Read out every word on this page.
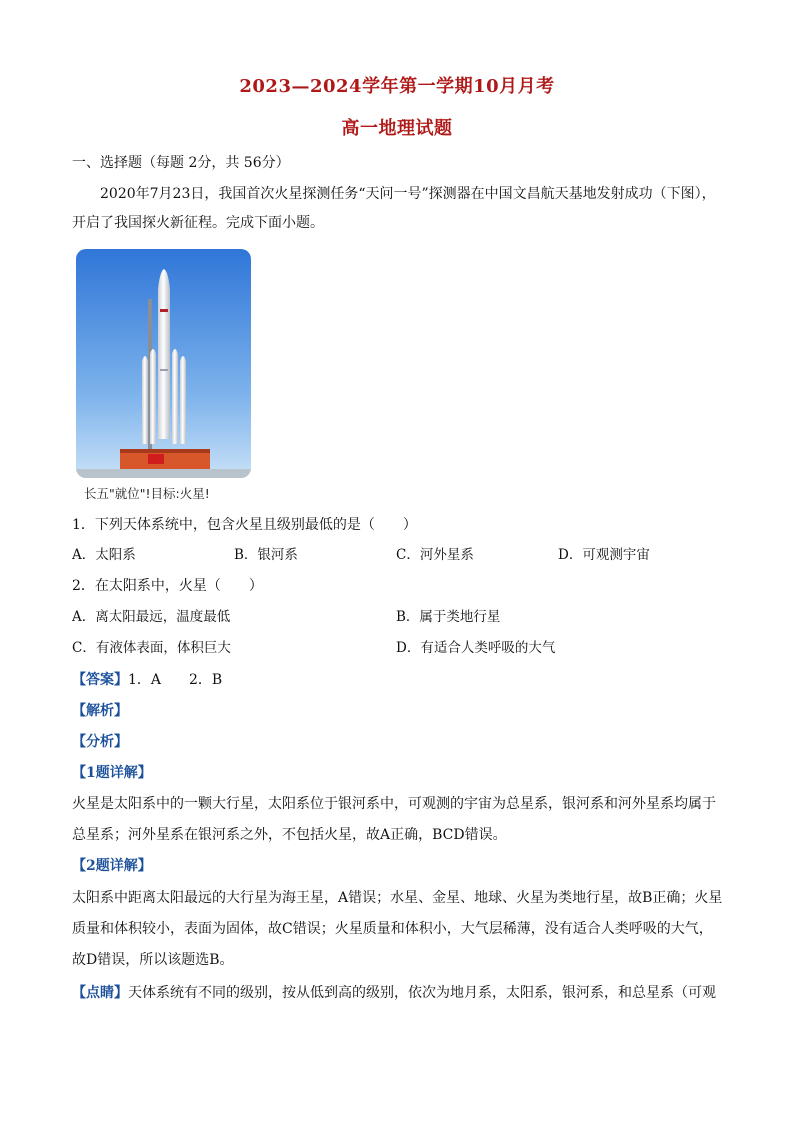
2023—2024学年第一学期10月月考
高一地理试题
一、选择题（每题 2分，共 56分）
2020年7月23日，我国首次火星探测任务“天问一号”探测器在中国文昌航天基地发射成功（下图），
开启了我国探火新征程。完成下面小题。
长五"就位"!目标:火星!
1．下列天体系统中，包含火星且级别最低的是（　　）
A．太阳系	B．银河系	C．河外星系	D．可观测宇宙
2．在太阳系中，火星（　　）
A．离太阳最远，温度最低	B．属于类地行星
C．有液体表面，体积巨大	D．有适合人类呼吸的大气
【答案】1．A　　2．B
【解析】
【分析】
【1题详解】
火星是太阳系中的一颗大行星，太阳系位于银河系中，可观测的宇宙为总星系，银河系和河外星系均属于
总星系；河外星系在银河系之外，不包括火星，故A正确，BCD错误。
【2题详解】
太阳系中距离太阳最远的大行星为海王星，A错误；水星、金星、地球、火星为类地行星，故B正确；火星
质量和体积较小，表面为固体，故C错误；火星质量和体积小，大气层稀薄，没有适合人类呼吸的大气，
故D错误，所以该题选B。
【点睛】天体系统有不同的级别，按从低到高的级别，依次为地月系，太阳系，银河系，和总星系（可观
